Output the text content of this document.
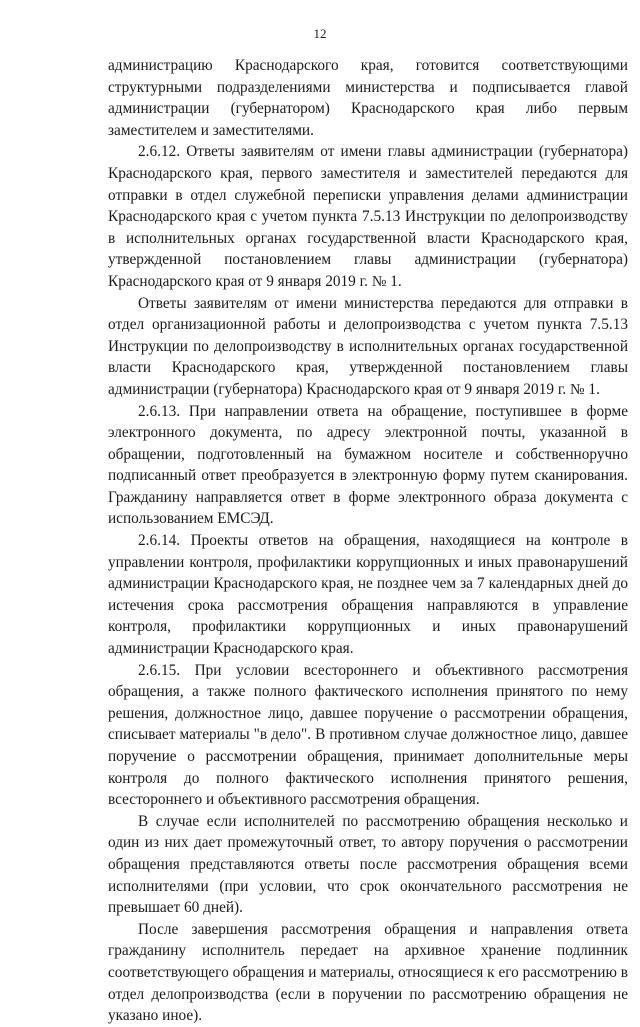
12

администрацию Краснодарского края, готовится соответствующими структурными подразделениями министерства и подписывается главой администрации (губернатором) Краснодарского края либо первым заместителем и заместителями.

2.6.12. Ответы заявителям от имени главы администрации (губернатора) Краснодарского края, первого заместителя и заместителей передаются для отправки в отдел служебной переписки управления делами администрации Краснодарского края с учетом пункта 7.5.13 Инструкции по делопроизводству в исполнительных органах государственной власти Краснодарского края, утвержденной постановлением главы администрации (губернатора) Краснодарского края от 9 января 2019 г. № 1.

Ответы заявителям от имени министерства передаются для отправки в отдел организационной работы и делопроизводства с учетом пункта 7.5.13 Инструкции по делопроизводству в исполнительных органах государственной власти Краснодарского края, утвержденной постановлением главы администрации (губернатора) Краснодарского края от 9 января 2019 г. № 1.

2.6.13. При направлении ответа на обращение, поступившее в форме электронного документа, по адресу электронной почты, указанной в обращении, подготовленный на бумажном носителе и собственноручно подписанный ответ преобразуется в электронную форму путем сканирования. Гражданину направляется ответ в форме электронного образа документа с использованием ЕМСЭД.

2.6.14. Проекты ответов на обращения, находящиеся на контроле в управлении контроля, профилактики коррупционных и иных правонарушений администрации Краснодарского края, не позднее чем за 7 календарных дней до истечения срока рассмотрения обращения направляются в управление контроля, профилактики коррупционных и иных правонарушений администрации Краснодарского края.

2.6.15. При условии всестороннего и объективного рассмотрения обращения, а также полного фактического исполнения принятого по нему решения, должностное лицо, давшее поручение о рассмотрении обращения, списывает материалы "в дело". В противном случае должностное лицо, давшее поручение о рассмотрении обращения, принимает дополнительные меры контроля до полного фактического исполнения принятого решения, всестороннего и объективного рассмотрения обращения.

В случае если исполнителей по рассмотрению обращения несколько и один из них дает промежуточный ответ, то автору поручения о рассмотрении обращения представляются ответы после рассмотрения обращения всеми исполнителями (при условии, что срок окончательного рассмотрения не превышает 60 дней).

После завершения рассмотрения обращения и направления ответа гражданину исполнитель передает на архивное хранение подлинник соответствующего обращения и материалы, относящиеся к его рассмотрению в отдел делопроизводства (если в поручении по рассмотрению обращения не указано иное).
